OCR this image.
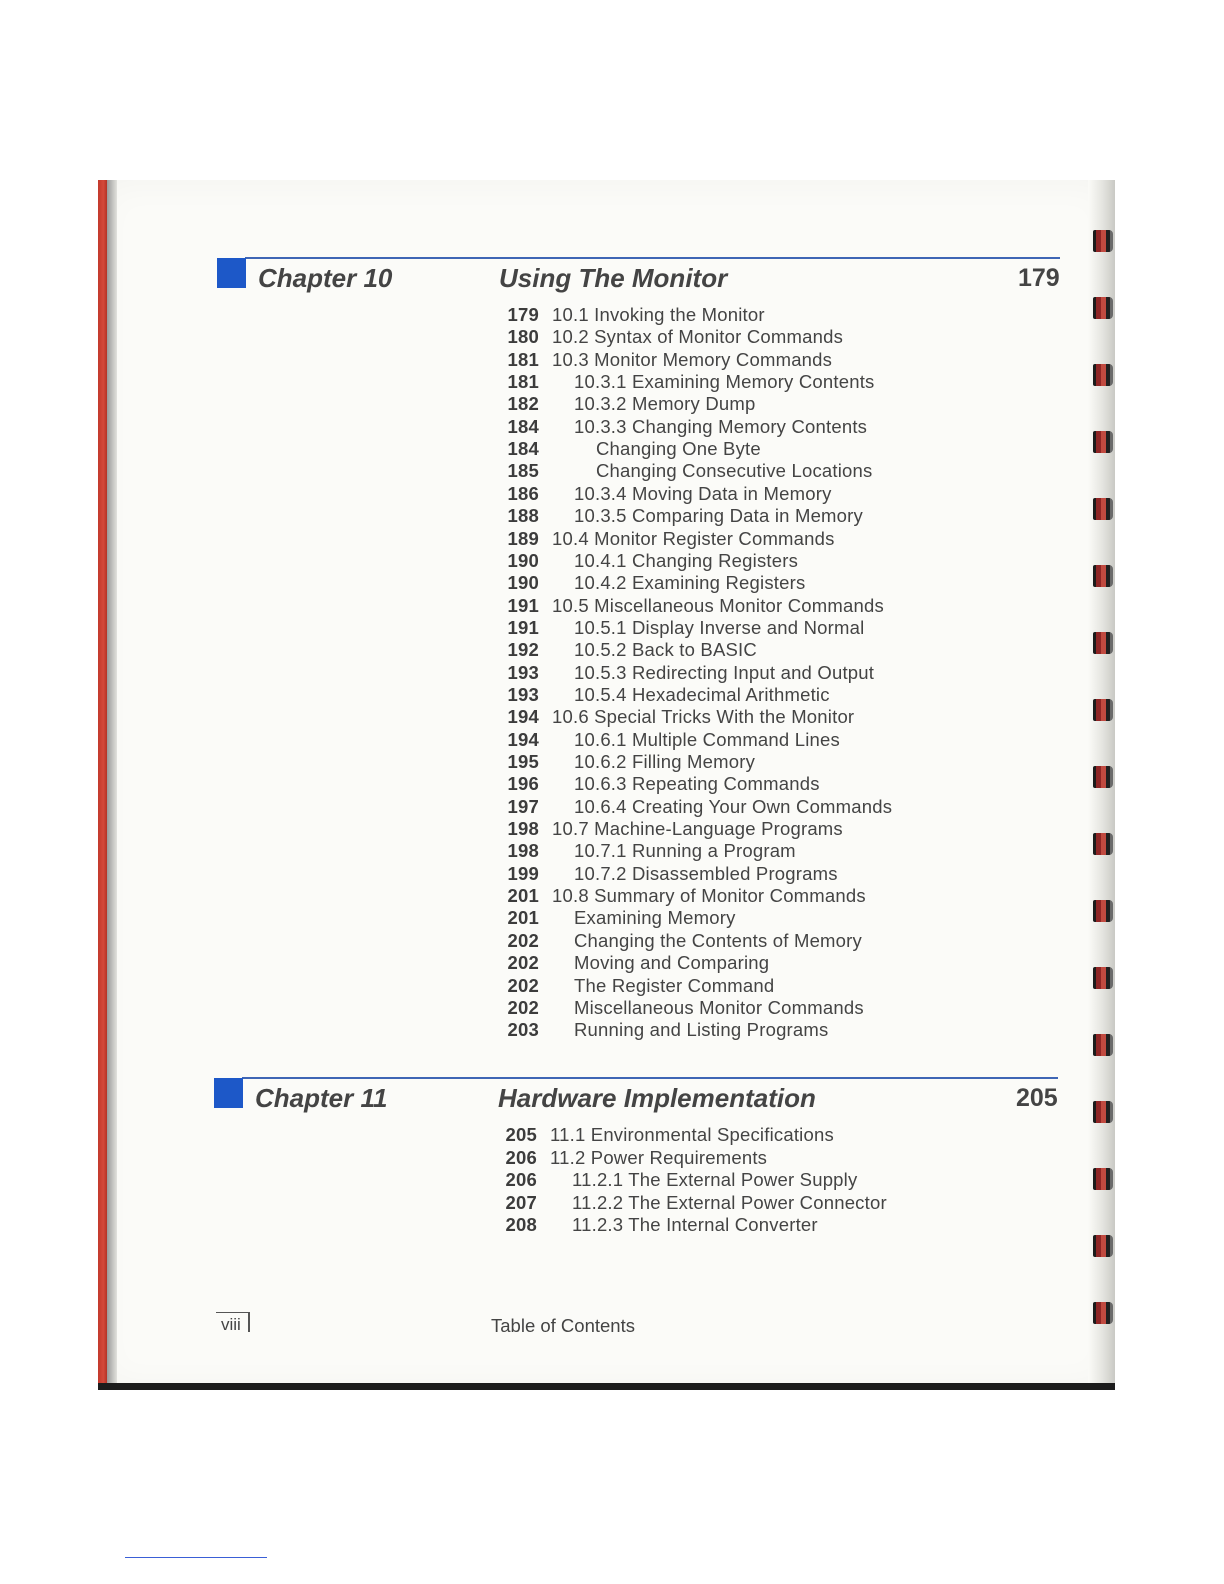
Chapter 10	Using The Monitor	179
179 10.1 Invoking the Monitor
180 10.2 Syntax of Monitor Commands
181 10.3 Monitor Memory Commands
181 10.3.1 Examining Memory Contents
182 10.3.2 Memory Dump
184 10.3.3 Changing Memory Contents
184	Changing One Byte
185	Changing Consecutive Locations
186 10.3.4 Moving Data in Memory
188 10.3.5 Comparing Data in Memory
189 10.4 Monitor Register Commands
190 10.4.1 Changing Registers
190 10.4.2 Examining Registers
191 10.5 Miscellaneous Monitor Commands
191 10.5.1 Display Inverse and Normal
192 10.5.2 Back to BASIC
193 10.5.3 Redirecting Input and Output
193 10.5.4 Hexadecimal Arithmetic
194 10.6 Special Tricks With the Monitor
194 10.6.1 Multiple Command Lines
195 10.6.2 Filling Memory
196 10.6.3 Repeating Commands
197 10.6.4 Creating Your Own Commands
198 10.7 Machine-Language Programs
198 10.7.1 Running a Program
199 10.7.2 Disassembled Programs
201 10.8 Summary of Monitor Commands
201 Examining Memory
202 Changing the Contents of Memory
202 Moving and Comparing
202 The Register Command
202 Miscellaneous Monitor Commands
203 Running and Listing Programs
Chapter 11	Hardware Implementation	205
205 11.1 Environmental Specifications
206 11.2 Power Requirements
206 11.2.1 The External Power Supply
207 11.2.2 The External Power Connector
208 11.2.3 The Internal Converter
viii	Table of Contents
